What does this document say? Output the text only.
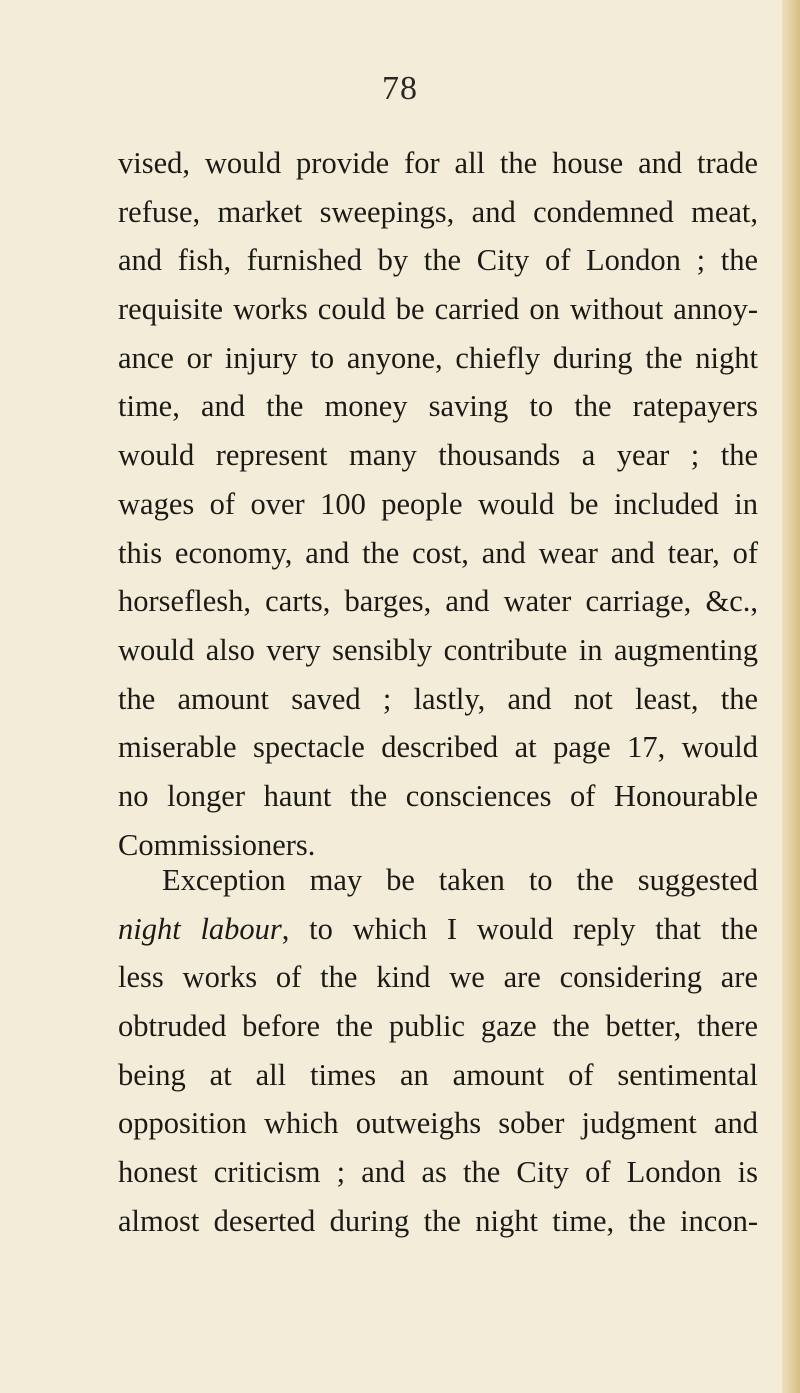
78
vised, would provide for all the house and trade
refuse, market sweepings, and condemned meat,
and fish, furnished by the City of London ; the
requisite works could be carried on without annoy-
ance or injury to anyone, chiefly during the night
time, and the money saving to the ratepayers
would represent many thousands a year ; the
wages of over 100 people would be included in
this economy, and the cost, and wear and tear, of
horseflesh, carts, barges, and water carriage, &c.,
would also very sensibly contribute in augmenting
the amount saved ; lastly, and not least, the
miserable spectacle described at page 17, would
no longer haunt the consciences of Honourable
Commissioners.
Exception may be taken to the suggested
night labour, to which I would reply that the
less works of the kind we are considering are
obtruded before the public gaze the better, there
being at all times an amount of sentimental
opposition which outweighs sober judgment and
honest criticism ; and as the City of London is
almost deserted during the night time, the incon-
